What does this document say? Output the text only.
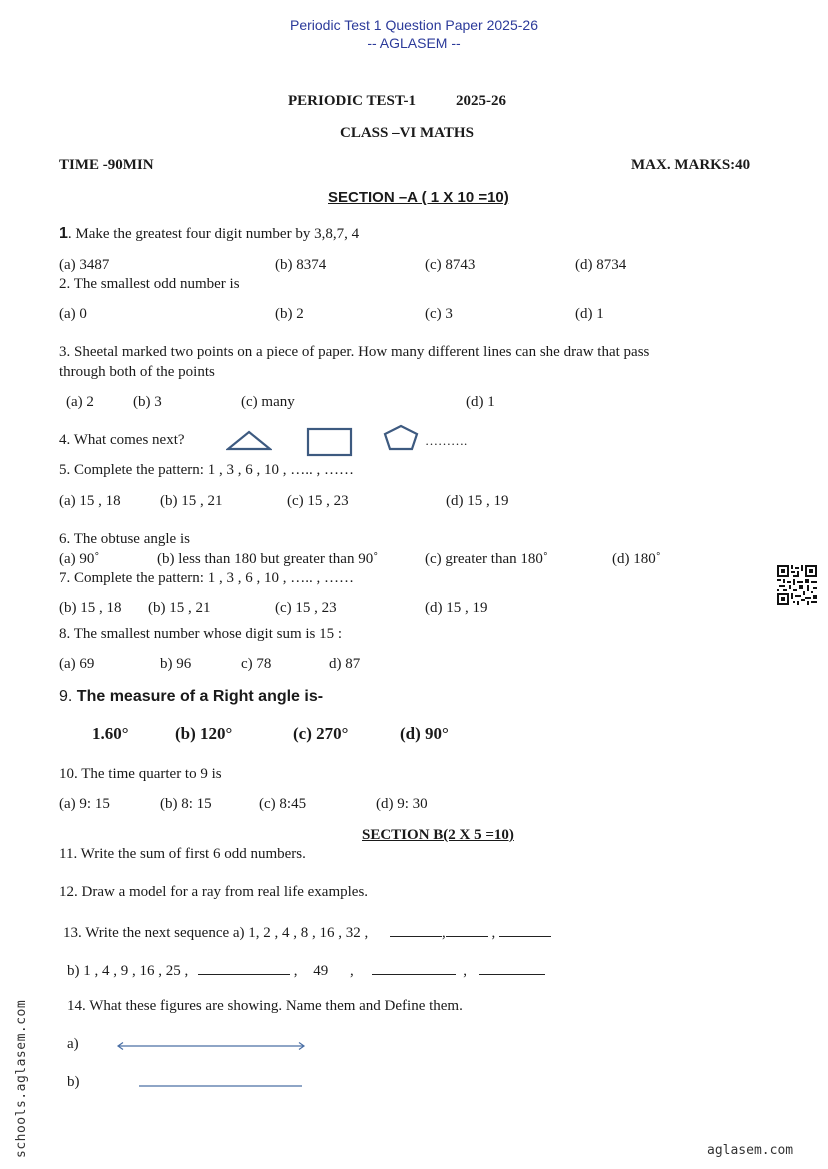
Periodic Test 1 Question Paper 2025-26
-- AGLASEM --
PERIODIC TEST-1	2025-26
CLASS –VI MATHS
TIME -90MIN	MAX. MARKS:40
SECTION –A ( 1 X 10 =10)
1. Make the greatest four digit number by 3,8,7, 4
(a) 3487	(b) 8374	(c) 8743	(d) 8734
2. The smallest odd number is
(a) 0	(b) 2	(c) 3	(d) 1
3. Sheetal marked two points on a piece of paper. How many different lines can she draw that pass
through both of the points
(a) 2	(b) 3	(c) many	(d) 1
4. What comes next?	……….
5. Complete the pattern: 1 , 3 , 6 , 10 , ….. , ……
(a) 15 , 18	(b) 15 , 21	(c) 15 , 23	(d) 15 , 19
6. The obtuse angle is
(a) 90˚	(b) less than 180 but greater than 90˚	(c) greater than 180˚	(d) 180˚
7. Complete the pattern: 1 , 3 , 6 , 10 , ….. , ……
(b) 15 , 18 (b) 15 , 21	(c) 15 , 23	(d) 15 , 19
8. The smallest number whose digit sum is 15 :
(a) 69	b) 96	c) 78	d) 87
9. The measure of a Right angle is-
1.60°	(b) 120°	(c) 270°	(d) 90°
10. The time quarter to 9 is
(a) 9: 15	(b) 8: 15	(c) 8:45	(d) 9: 30
SECTION B(2 X 5 =10)
11. Write the sum of first 6 odd numbers.
12. Draw a model for a ray from real life examples.
13. Write the next sequence a) 1, 2 , 4 , 8 , 16 , 32 ,	,	,
b) 1 , 4 , 9 , 16 , 25 ,	, 49 ,	,
14. What these figures are showing. Name them and Define them.
a)
b)
schools.aglasem.com	aglasem.com
